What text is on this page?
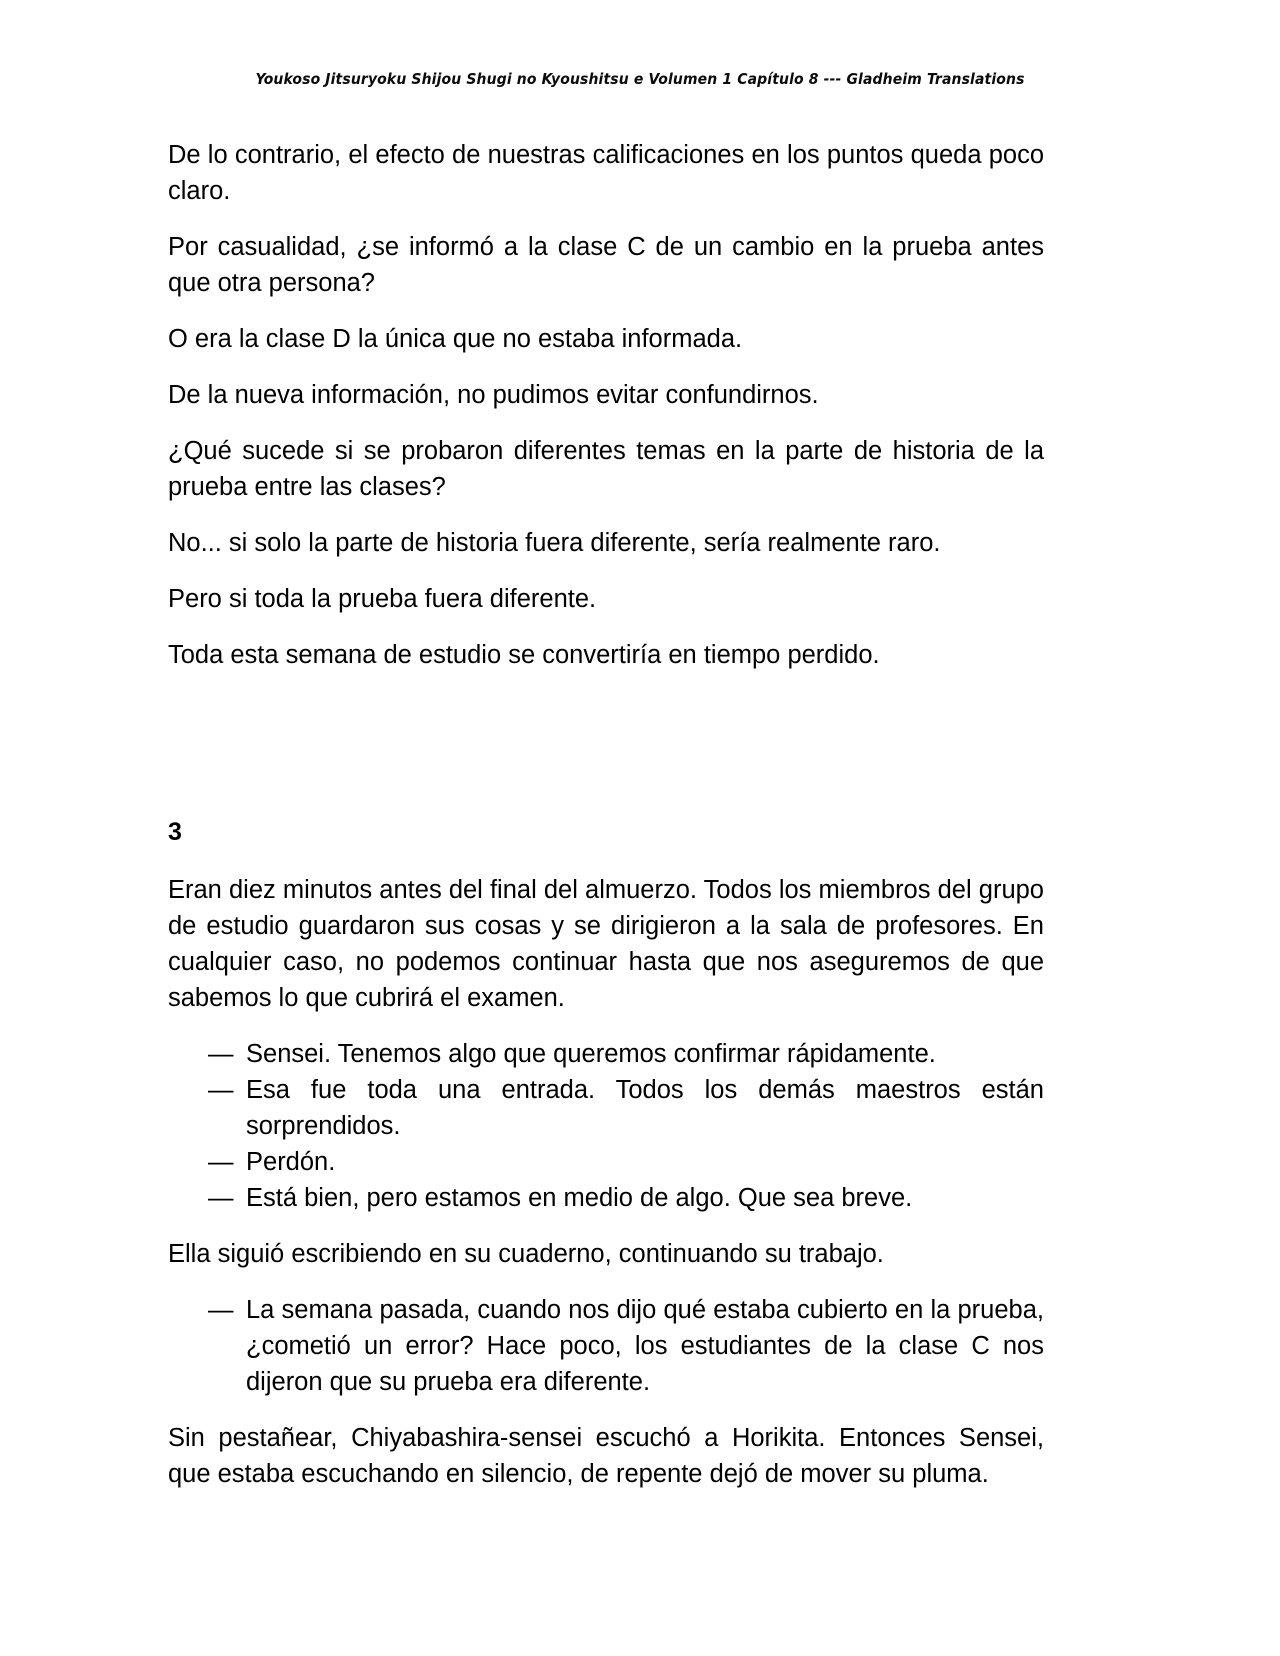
Youkoso Jitsuryoku Shijou Shugi no Kyoushitsu e Volumen 1 Capítulo 8 --- Gladheim Translations

De lo contrario, el efecto de nuestras calificaciones en los puntos queda poco claro.

Por casualidad, ¿se informó a la clase C de un cambio en la prueba antes que otra persona?

O era la clase D la única que no estaba informada.

De la nueva información, no pudimos evitar confundirnos.

¿Qué sucede si se probaron diferentes temas en la parte de historia de la prueba entre las clases?

No... si solo la parte de historia fuera diferente, sería realmente raro.

Pero si toda la prueba fuera diferente.

Toda esta semana de estudio se convertiría en tiempo perdido.

3

Eran diez minutos antes del final del almuerzo. Todos los miembros del grupo de estudio guardaron sus cosas y se dirigieron a la sala de profesores. En cualquier caso, no podemos continuar hasta que nos aseguremos de que sabemos lo que cubrirá el examen.

— Sensei. Tenemos algo que queremos confirmar rápidamente.
— Esa fue toda una entrada. Todos los demás maestros están sorprendidos.
— Perdón.
— Está bien, pero estamos en medio de algo. Que sea breve.

Ella siguió escribiendo en su cuaderno, continuando su trabajo.

— La semana pasada, cuando nos dijo qué estaba cubierto en la prueba, ¿cometió un error? Hace poco, los estudiantes de la clase C nos dijeron que su prueba era diferente.

Sin pestañear, Chiyabashira-sensei escuchó a Horikita. Entonces Sensei, que estaba escuchando en silencio, de repente dejó de mover su pluma.
